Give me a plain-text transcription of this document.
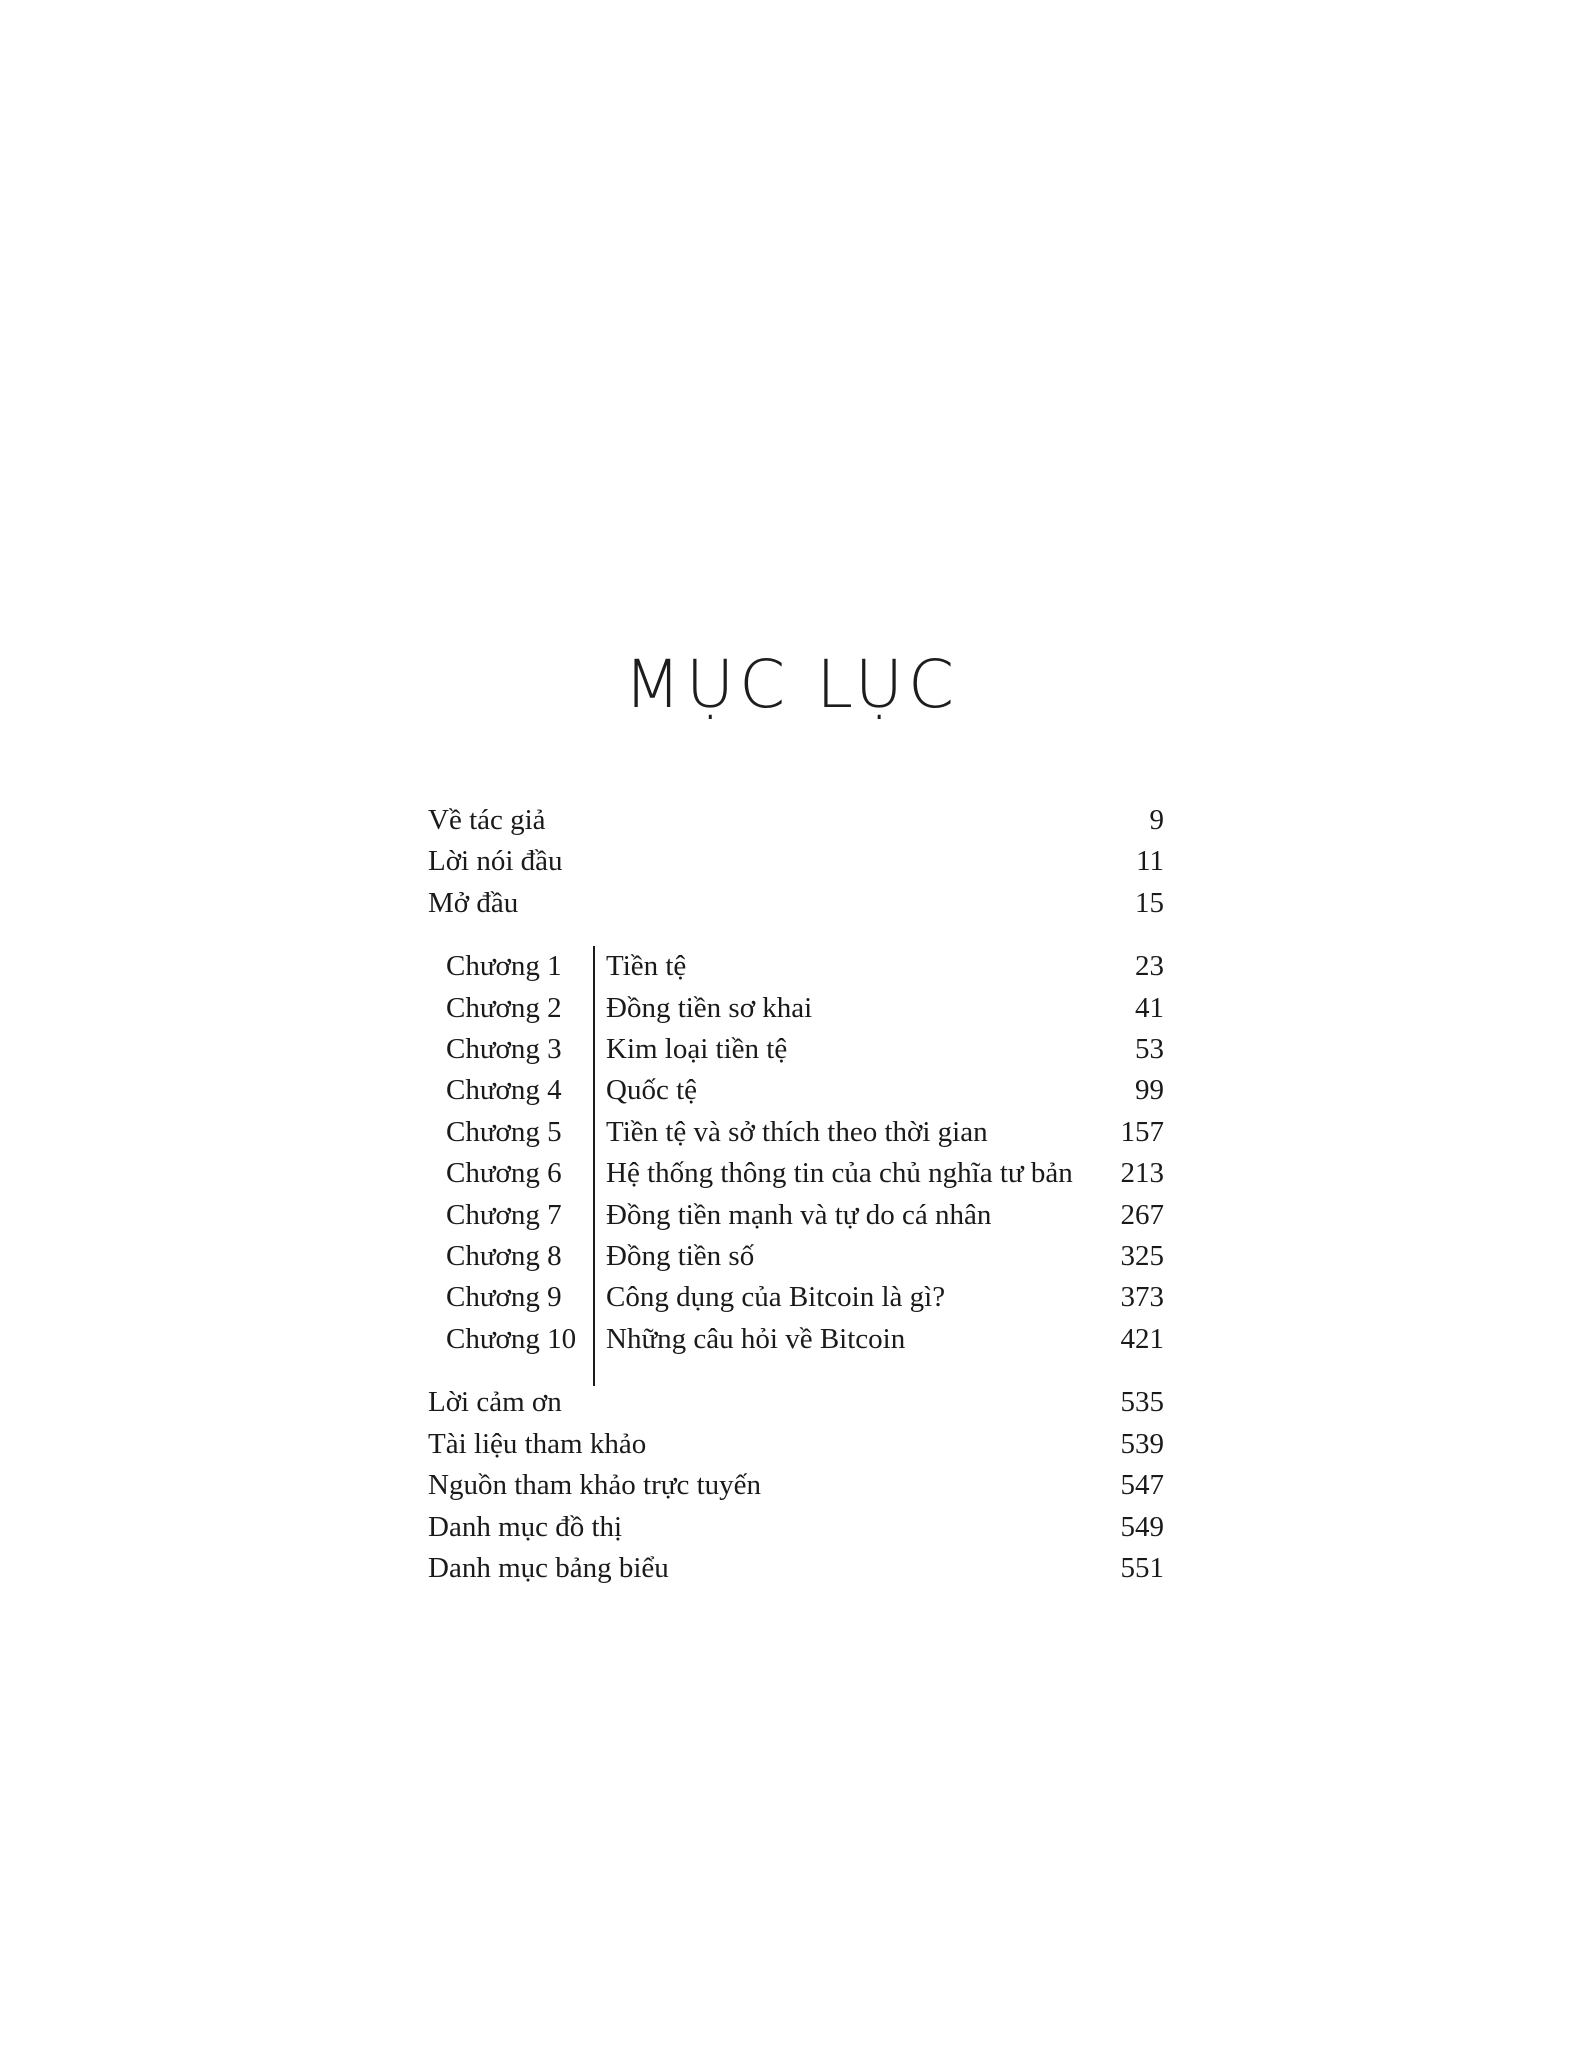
MỤC LỤC
Về tác giả	9
Lời nói đầu	11
Mở đầu	15
Chương 1	Tiền tệ	23
Chương 2	Đồng tiền sơ khai	41
Chương 3	Kim loại tiền tệ	53
Chương 4	Quốc tệ	99
Chương 5	Tiền tệ và sở thích theo thời gian	157
Chương 6	Hệ thống thông tin của chủ nghĩa tư bản	213
Chương 7	Đồng tiền mạnh và tự do cá nhân	267
Chương 8	Đồng tiền số	325
Chương 9	Công dụng của Bitcoin là gì?	373
Chương 10	Những câu hỏi về Bitcoin	421
Lời cảm ơn	535
Tài liệu tham khảo	539
Nguồn tham khảo trực tuyến	547
Danh mục đồ thị	549
Danh mục bảng biểu	551
